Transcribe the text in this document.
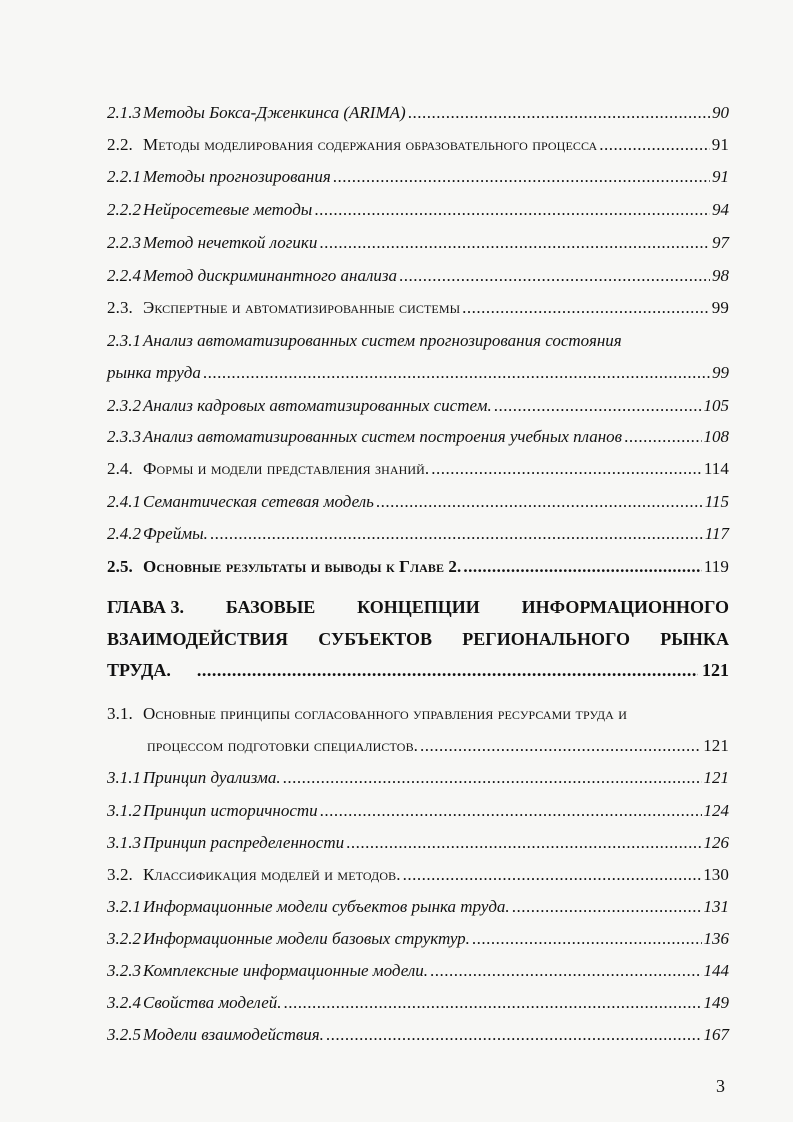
2.1.3 Методы Бокса-Дженкинса (ARIMA) .....	90
2.2. Методы моделирования содержания образовательного процесса .....	91
2.2.1 Методы прогнозирования .....	91
2.2.2 Нейросетевые методы .....	94
2.2.3 Метод нечеткой логики .....	97
2.2.4 Метод дискриминантного анализа .....	98
2.3. Экспертные и автоматизированные системы .....	99
2.3.1 Анализ автоматизированных систем прогнозирования состояния
рынка труда .....	99
2.3.2 Анализ кадровых автоматизированных систем. .....	105
2.3.3 Анализ автоматизированных систем построения учебных планов .....	108
2.4. Формы и модели представления знаний. .....	114
2.4.1 Семантическая сетевая модель .....	115
2.4.2 Фреймы. .....	117
2.5. Основные результаты и выводы к Главе 2. .....	119
ГЛАВА 3. БАЗОВЫЕ КОНЦЕПЦИИ ИНФОРМАЦИОННОГО
ВЗАИМОДЕЙСТВИЯ СУБЪЕКТОВ РЕГИОНАЛЬНОГО РЫНКА
ТРУДА. .....	121
3.1. Основные принципы согласованного управления ресурсами труда и
процессом подготовки специалистов. .....	121
3.1.1 Принцип дуализма. .....	121
3.1.2 Принцип историчности .....	124
3.1.3 Принцип распределенности .....	126
3.2. Классификация моделей и методов. .....	130
3.2.1 Информационные модели субъектов рынка труда. .....	131
3.2.2 Информационные модели базовых структур. .....	136
3.2.3 Комплексные информационные модели. .....	144
3.2.4 Свойства моделей. .....	149
3.2.5 Модели взаимодействия. .....	167
3
